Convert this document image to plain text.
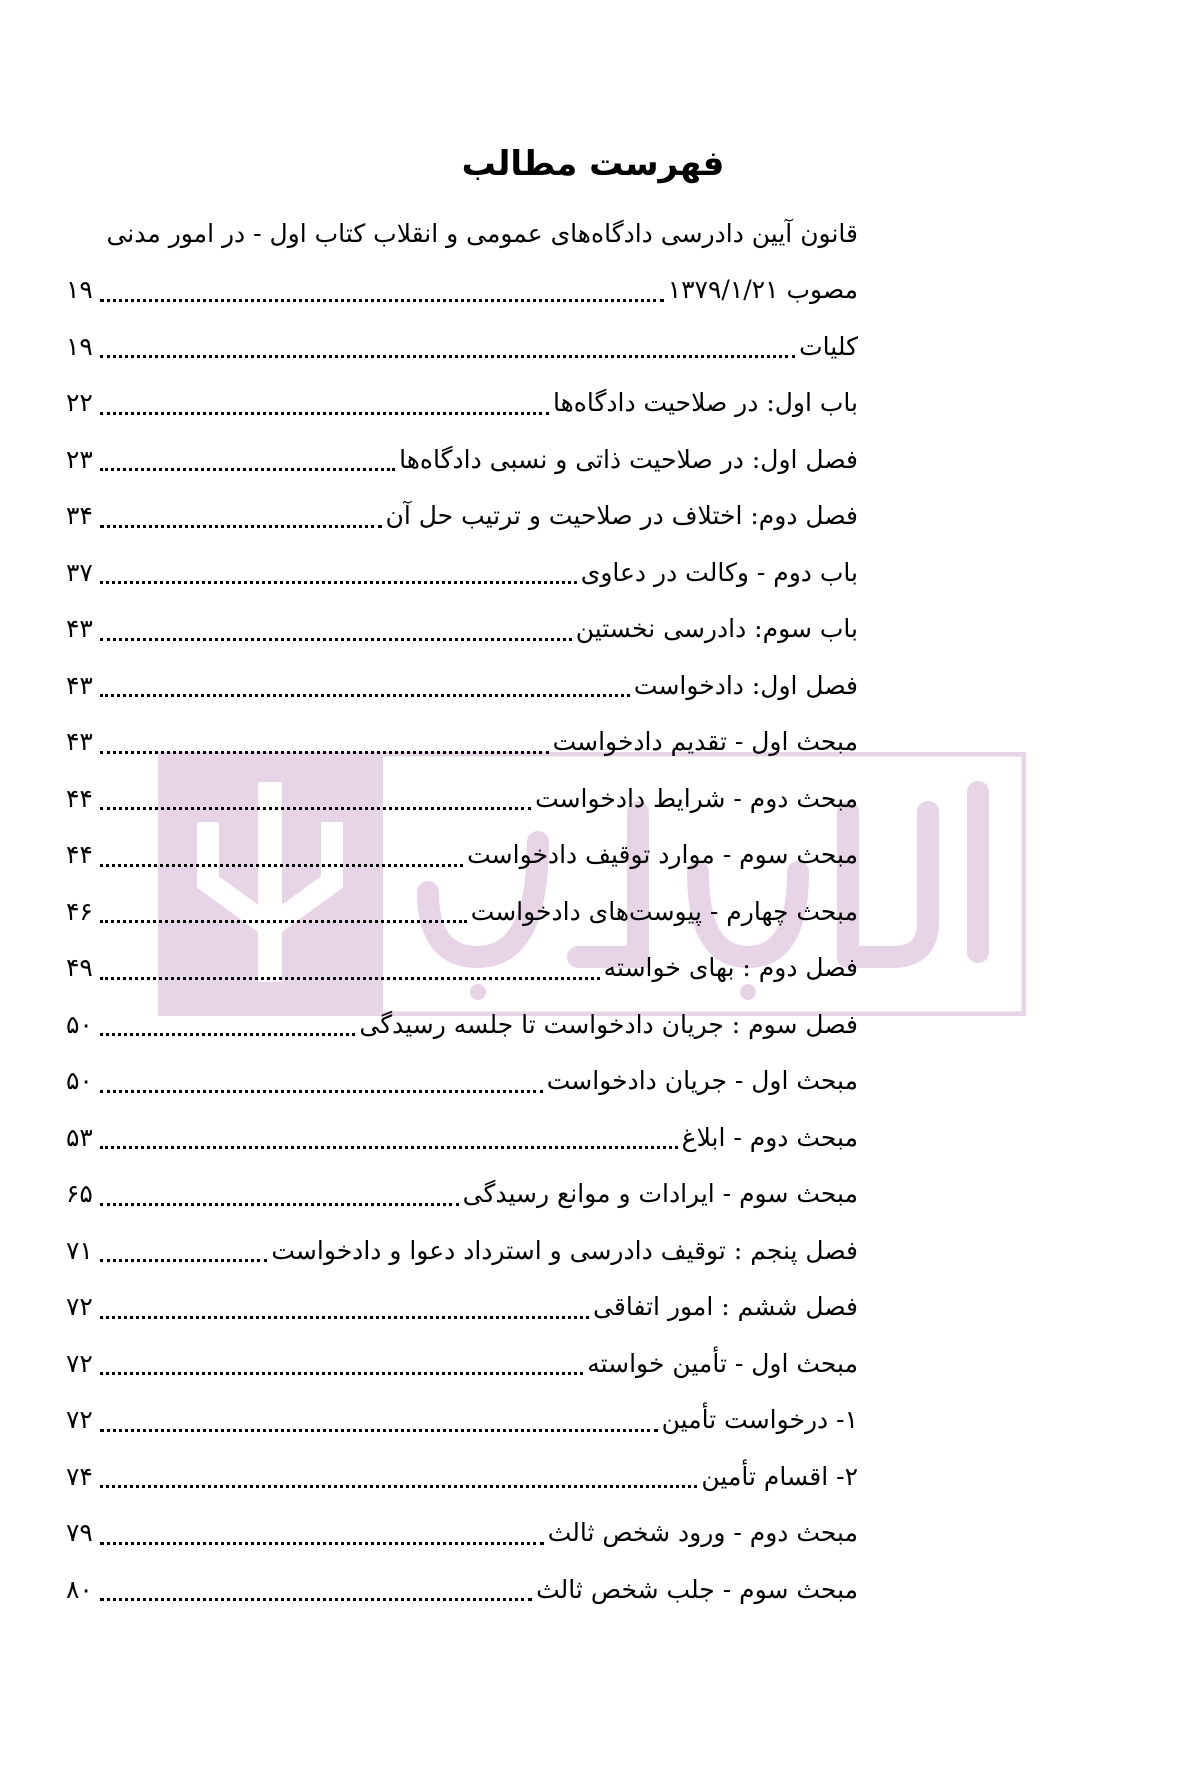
فهرست مطالب
قانون آیین دادرسی دادگاه‌های عمومی و انقلاب کتاب اول - در امور مدنی
مصوب ۱۳۷۹/۱/۲۱
۱۹
کلیات
۱۹
باب اول: در صلاحیت دادگاه‌ها
۲۲
فصل اول: در صلاحیت ذاتی و نسبی دادگاه‌ها
۲۳
فصل دوم: اختلاف در صلاحیت و ترتیب حل آن
۳۴
باب دوم - وکالت در دعاوی
۳۷
باب سوم: دادرسی نخستین
۴۳
فصل اول: دادخواست
۴۳
مبحث اول - تقدیم دادخواست
۴۳
مبحث دوم - شرایط دادخواست
۴۴
مبحث سوم - موارد توقیف دادخواست
۴۴
مبحث چهارم - پیوست‌های دادخواست
۴۶
فصل دوم : بهای خواسته
۴۹
فصل سوم : جریان دادخواست تا جلسه رسیدگی
۵۰
مبحث اول - جریان دادخواست
۵۰
مبحث دوم - ابلاغ
۵۳
مبحث سوم - ایرادات و موانع رسیدگی
۶۵
فصل پنجم : توقیف دادرسی و استرداد دعوا و دادخواست
۷۱
فصل ششم : امور اتفاقی
۷۲
مبحث اول - تأمین خواسته
۷۲
۱- درخواست تأمین
۷۲
۲- اقسام تأمین
۷۴
مبحث دوم - ورود شخص ثالث
۷۹
مبحث سوم - جلب شخص ثالث
۸۰
